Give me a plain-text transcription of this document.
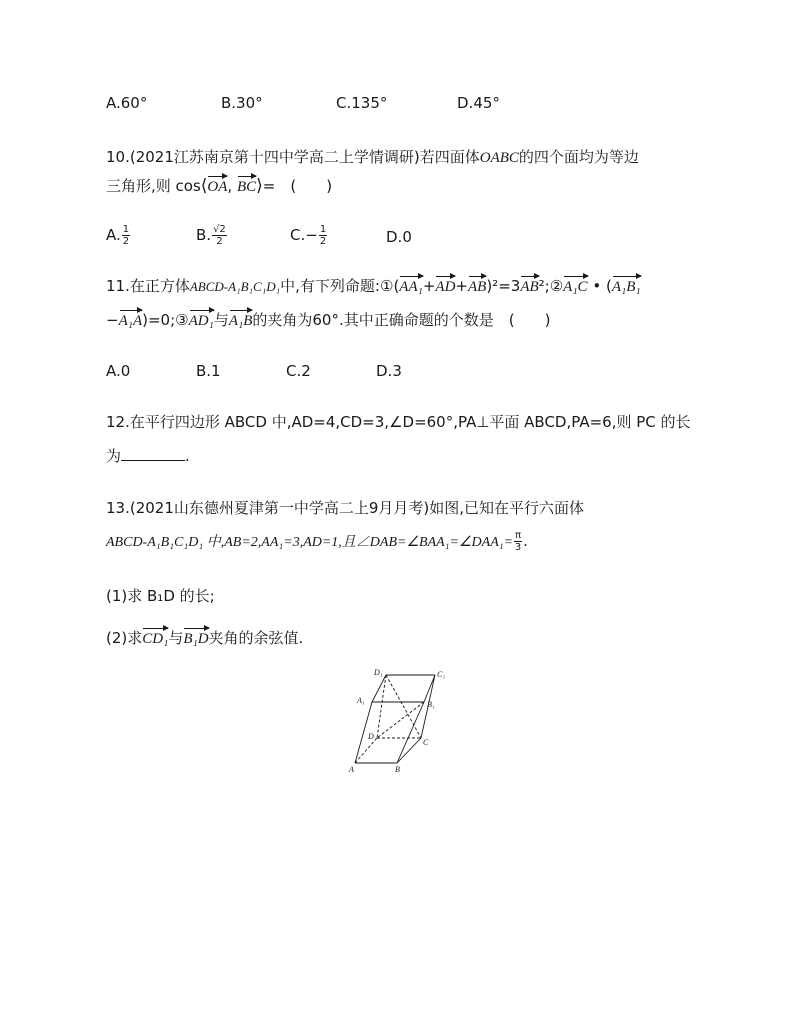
A.60°	B.30°	C.135°	D.45°
10.(2021江苏南京第十四中学高二上学情调研)若四面体OABC的四个面均为等边
三角形,则 cos⟨OA, BC⟩=　(　　)
A. $\frac{1}{2}$	B. $\frac{√2}{2}$	$C.- \frac{1}{2}$	D.0
11.在正方体ABCD-A₁B₁C₁D₁中,有下列命题:①(AA₁+AD+AB)²=3AB²;②A₁C • (A₁B₁
−A₁A)=0;③AD₁与A₁B的夹角为60°.其中正确命题的个数是　(　　)
A.0	B.1	C.2	D.3
12.在平行四边形 ABCD 中,AD=4,CD=3,∠D=60°,PA⊥平面 ABCD,PA=6,则 PC 的长
为	.
13.(2021山东德州夏津第一中学高二上9月月考)如图,已知在平行六面体
ABCD-A₁B₁C₁D₁ 中,AB=2,AA₁=3,AD=1,且∠DAB=∠BAA₁=∠DAA₁= $\frac{\pi}{3}$ .
(1)求 B₁D 的长;
(2)求CD₁与B₁D夹角的余弦值.
D₁	C₁
A₁	B₁
D
C
A	B
